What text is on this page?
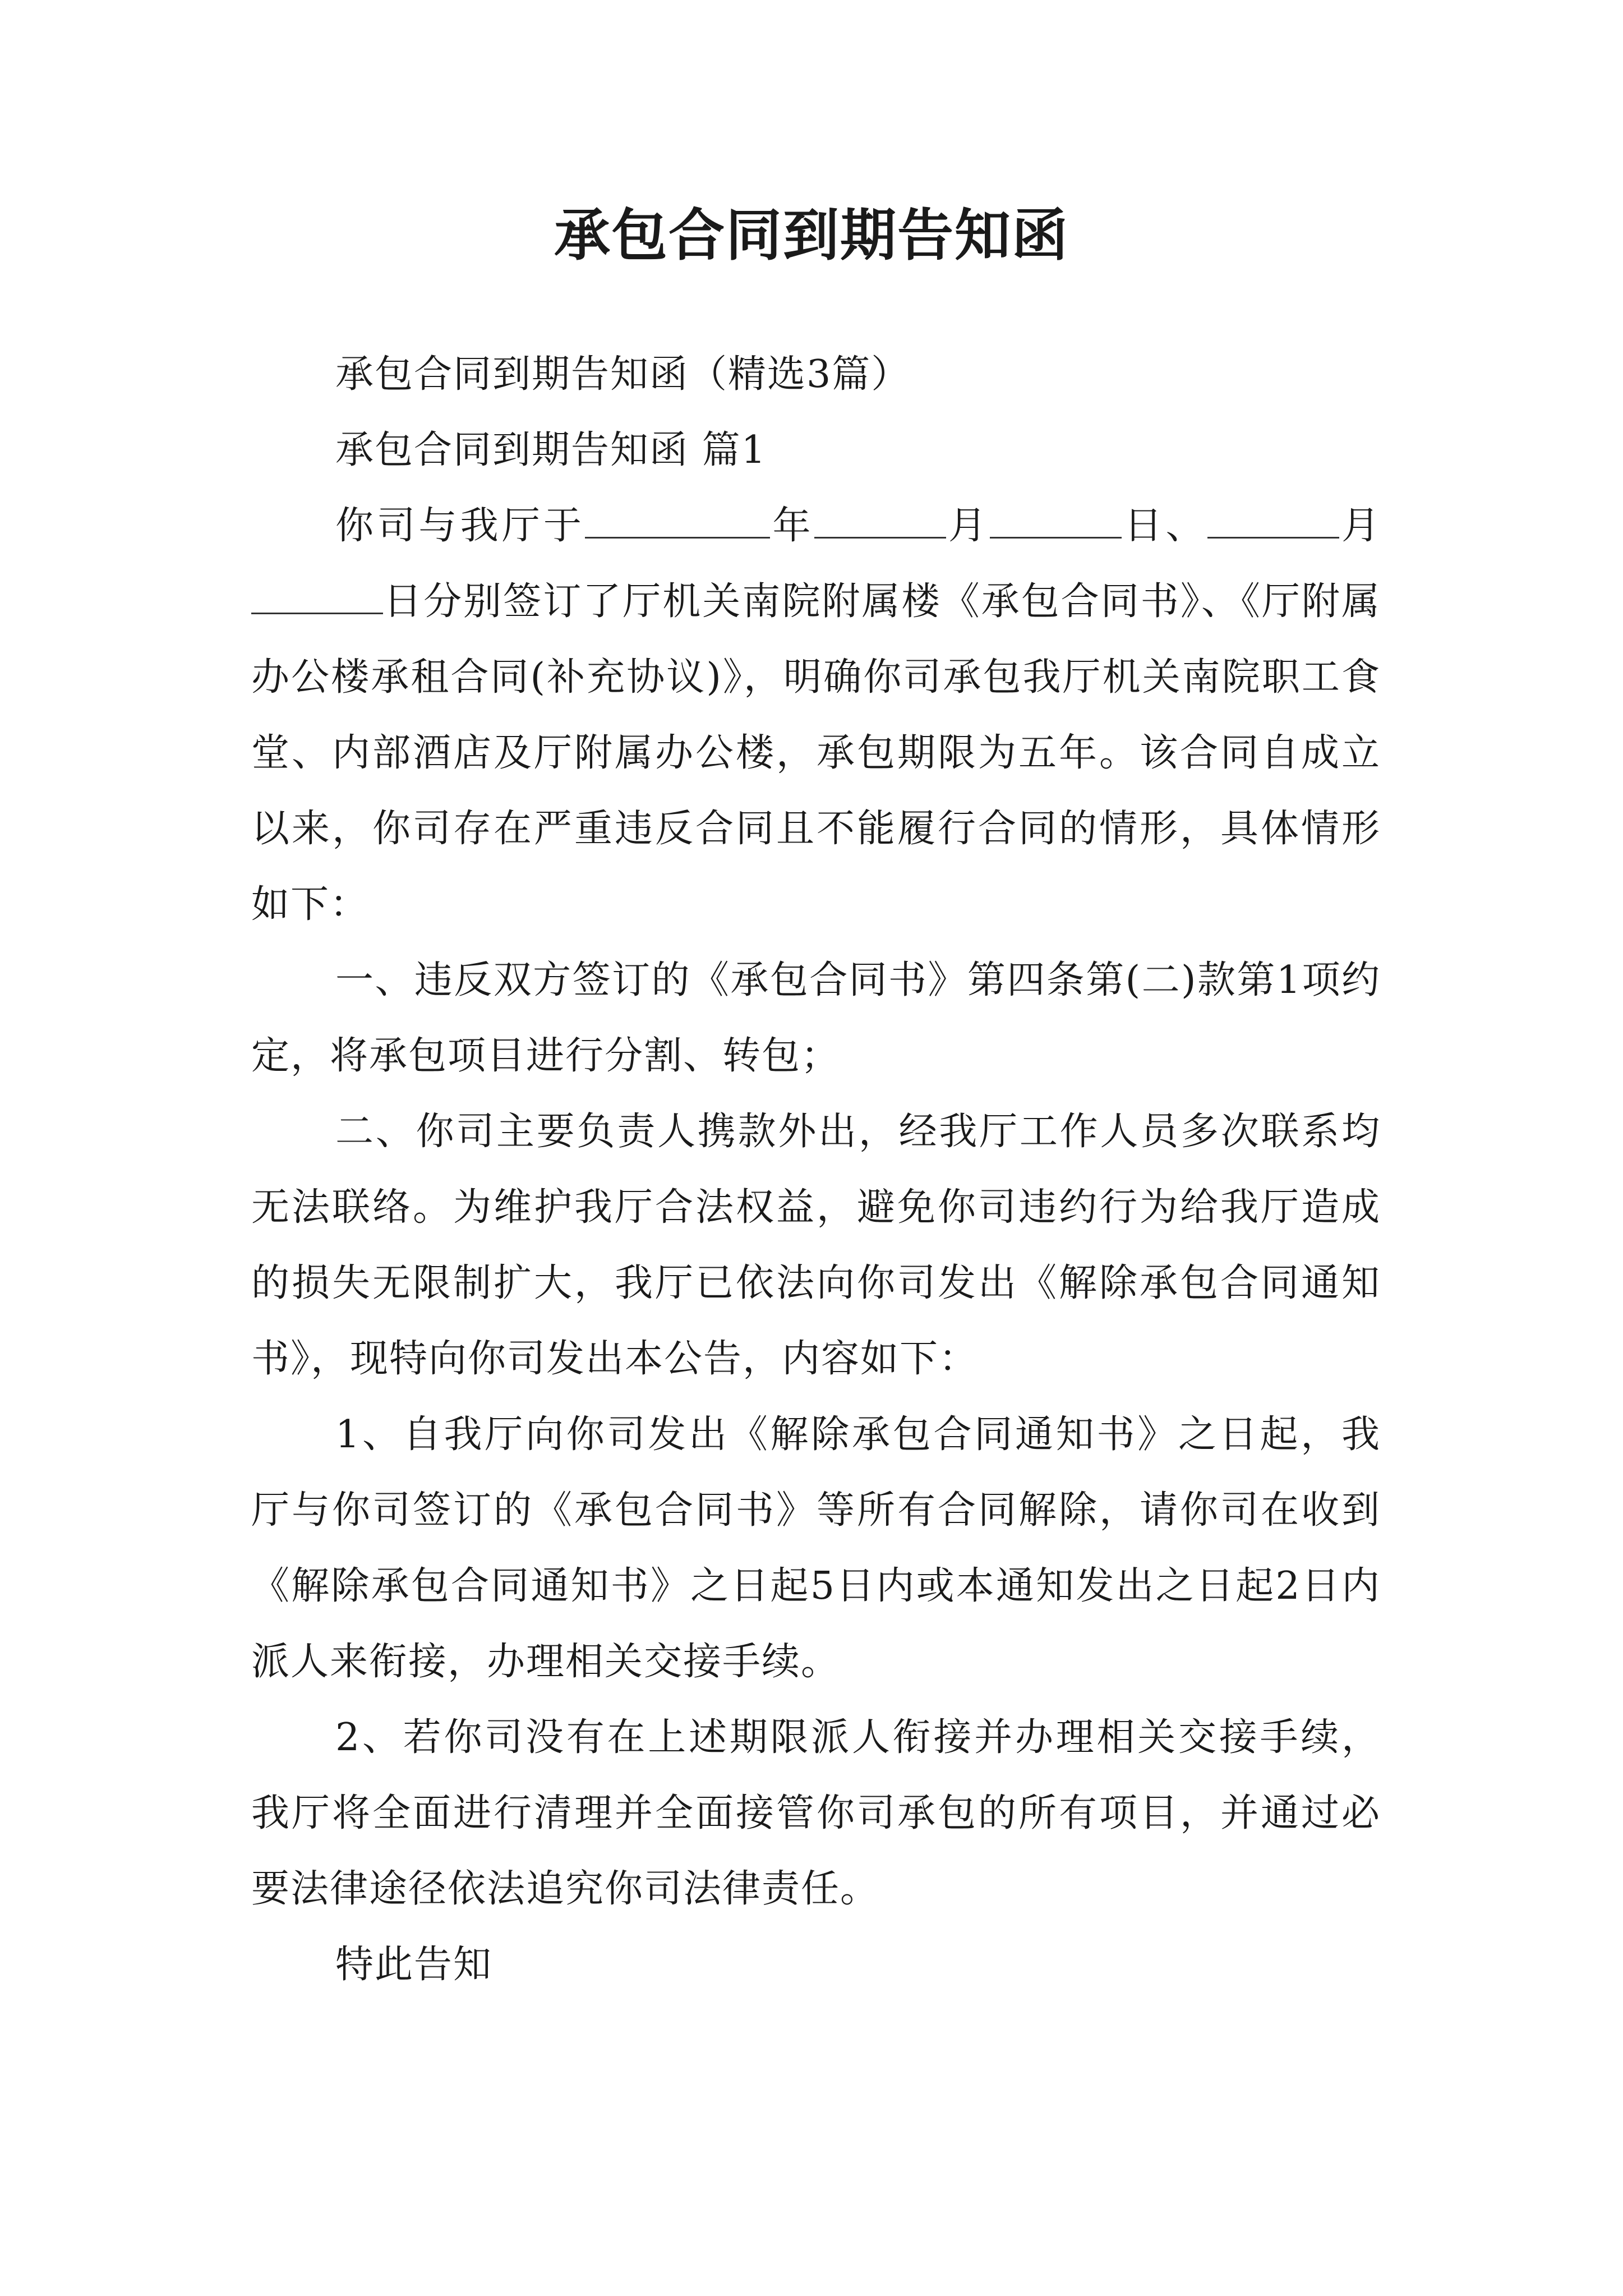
承包合同到期告知函

承包合同到期告知函（精选3篇）

承包合同到期告知函 篇1

你司与我厅于	年	月	日、	月日分别签订了厅机关南院附属楼《承包合同书》、《厅附属办公楼承租合同(补充协议)》，明确你司承包我厅机关南院职工食堂、内部酒店及厅附属办公楼，承包期限为五年。该合同自成立以来，你司存在严重违反合同且不能履行合同的情形，具体情形如下：

一、违反双方签订的《承包合同书》第四条第(二)款第1项约定，将承包项目进行分割、转包；

二、你司主要负责人携款外出，经我厅工作人员多次联系均无法联络。为维护我厅合法权益，避免你司违约行为给我厅造成的损失无限制扩大，我厅已依法向你司发出《解除承包合同通知书》，现特向你司发出本公告，内容如下：

1、自我厅向你司发出《解除承包合同通知书》之日起，我厅与你司签订的《承包合同书》等所有合同解除，请你司在收到《解除承包合同通知书》之日起5日内或本通知发出之日起2日内派人来衔接，办理相关交接手续。

2、若你司没有在上述期限派人衔接并办理相关交接手续，我厅将全面进行清理并全面接管你司承包的所有项目，并通过必要法律途径依法追究你司法律责任。

特此告知
